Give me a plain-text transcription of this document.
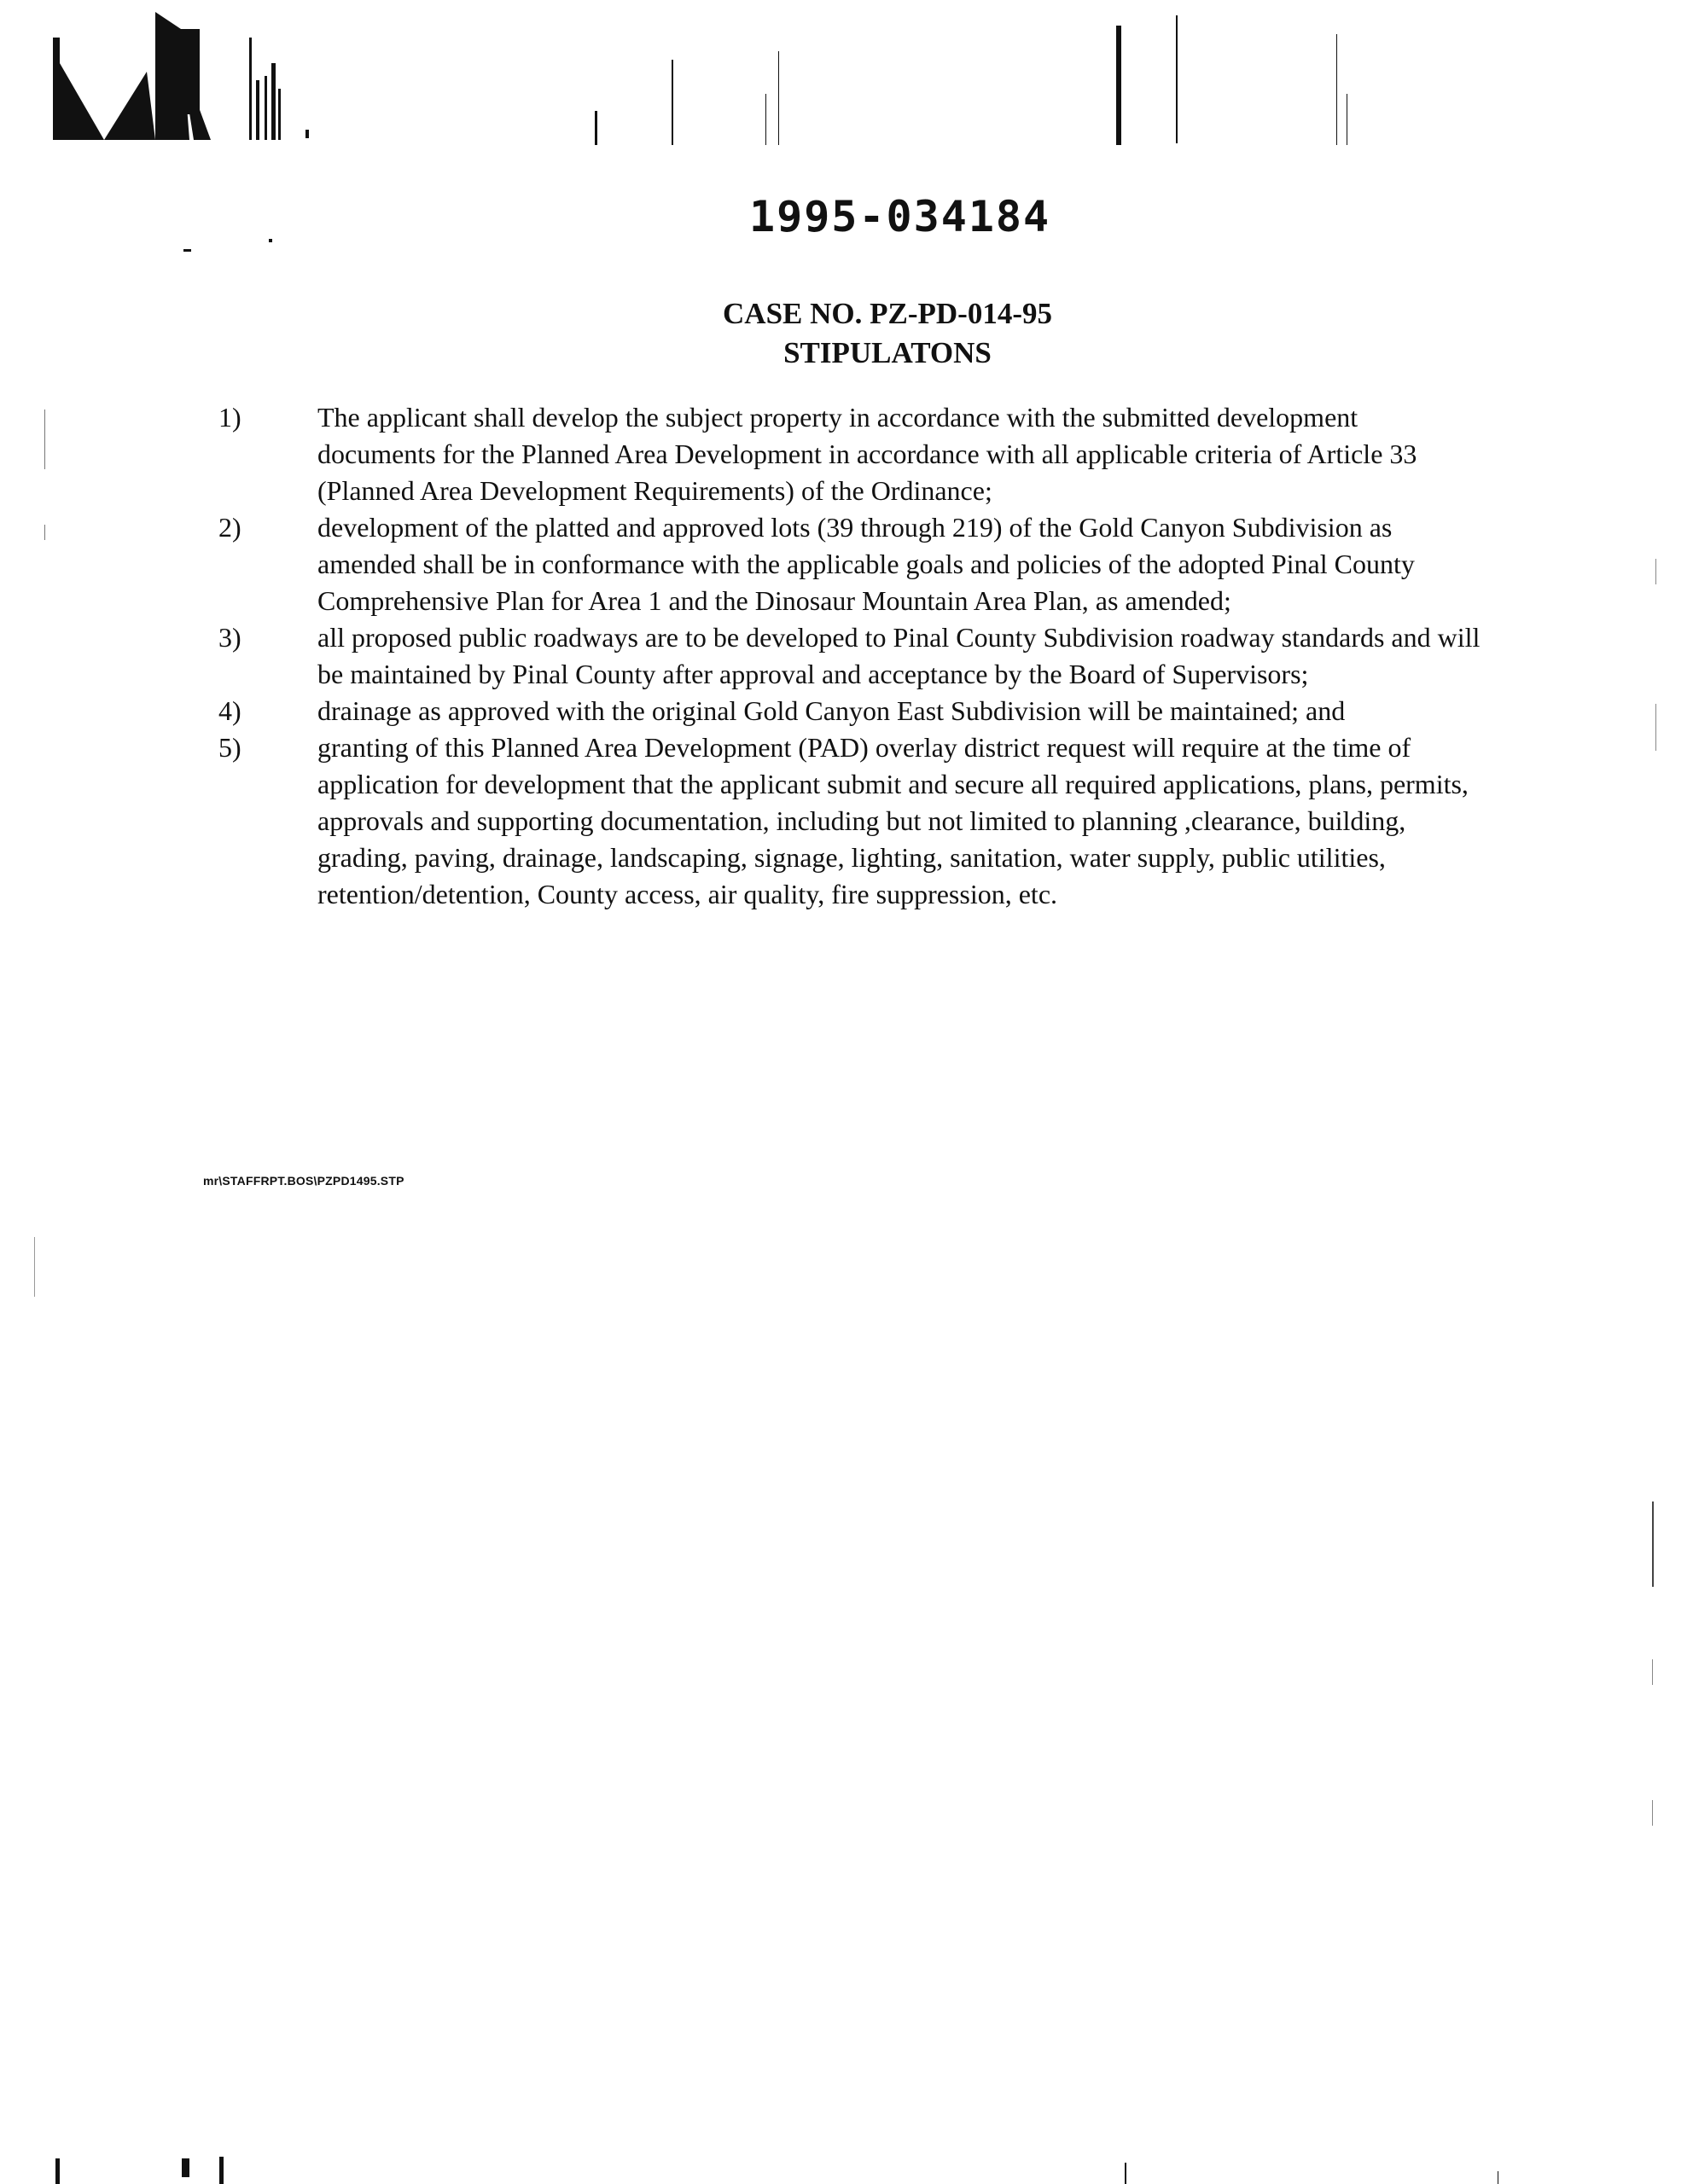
1995-034184
CASE NO. PZ-PD-014-95
STIPULATONS
1)	The applicant shall develop the subject property in accordance with the submitted development documents for the Planned Area Development in accordance with all applicable criteria of Article 33 (Planned Area Development Requirements) of the Ordinance;
2)	development of the platted and approved lots (39 through 219) of the Gold Canyon Subdivision as amended shall be in conformance with the applicable goals and policies of the adopted Pinal County Comprehensive Plan for Area 1 and the Dinosaur Mountain Area Plan, as amended;
3)	all proposed public roadways are to be developed to Pinal County Subdivision roadway standards and will be maintained by Pinal County after approval and acceptance by the Board of Supervisors;
4)	drainage as approved with the original Gold Canyon East Subdivision will be maintained; and
5)	granting of this Planned Area Development (PAD) overlay district request will require at the time of application for development that the applicant submit and secure all required applications, plans, permits, approvals and supporting documentation, including but not limited to planning ,clearance, building, grading, paving, drainage, landscaping, signage, lighting, sanitation, water supply, public utilities, retention/detention, County access, air quality, fire suppression, etc.
mr\STAFFRPT.BOS\PZPD1495.STP
